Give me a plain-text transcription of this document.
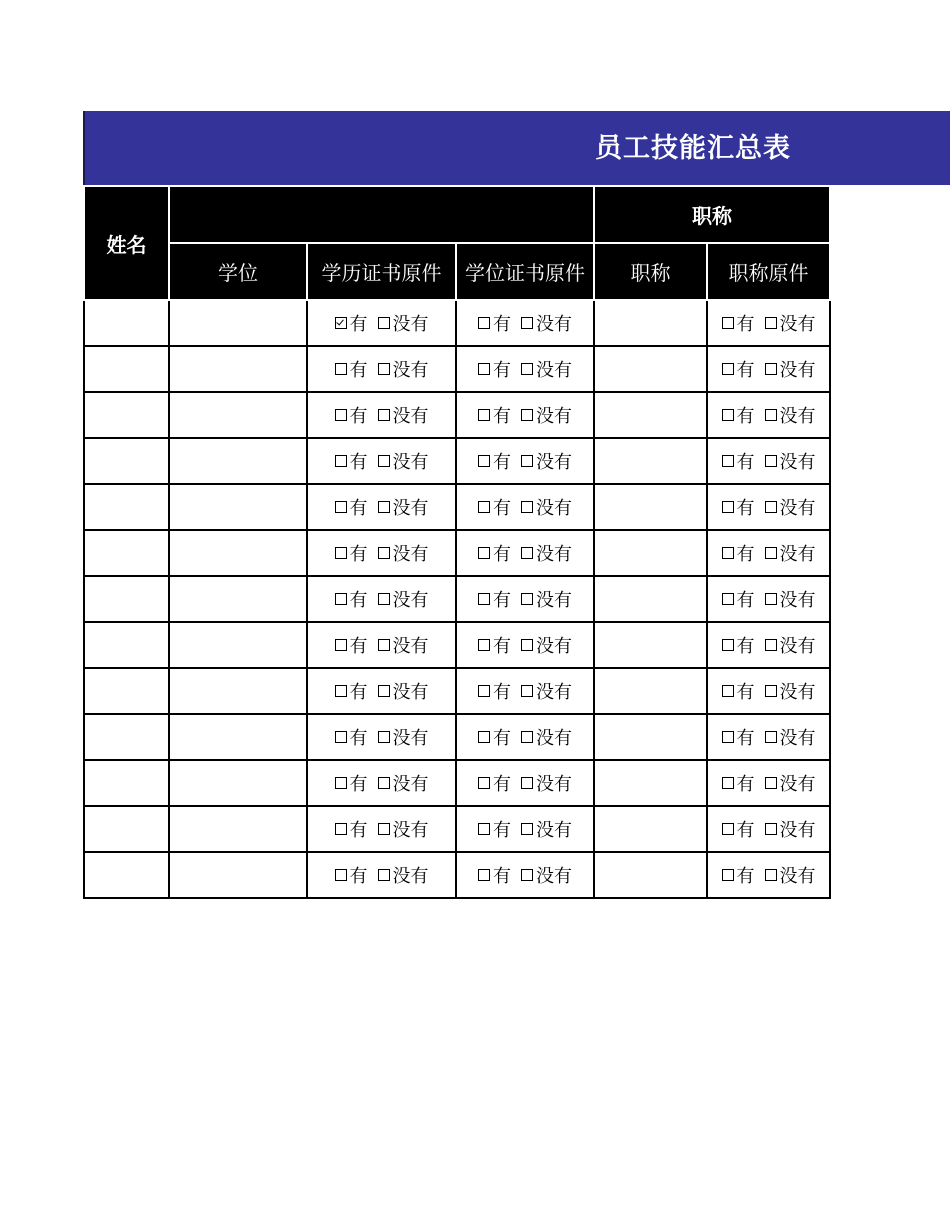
员工技能汇总表
姓名				职称	
	学位	学历证书原件	学位证书原件	职称	职称原件

		有 没有	有 没有		有 没有

		有 没有	有 没有		有 没有

		有 没有	有 没有		有 没有

		有 没有	有 没有		有 没有

		有 没有	有 没有		有 没有

		有 没有	有 没有		有 没有

		有 没有	有 没有		有 没有

		有 没有	有 没有		有 没有

		有 没有	有 没有		有 没有

		有 没有	有 没有		有 没有

		有 没有	有 没有		有 没有

		有 没有	有 没有		有 没有

		有 没有	有 没有		有 没有
